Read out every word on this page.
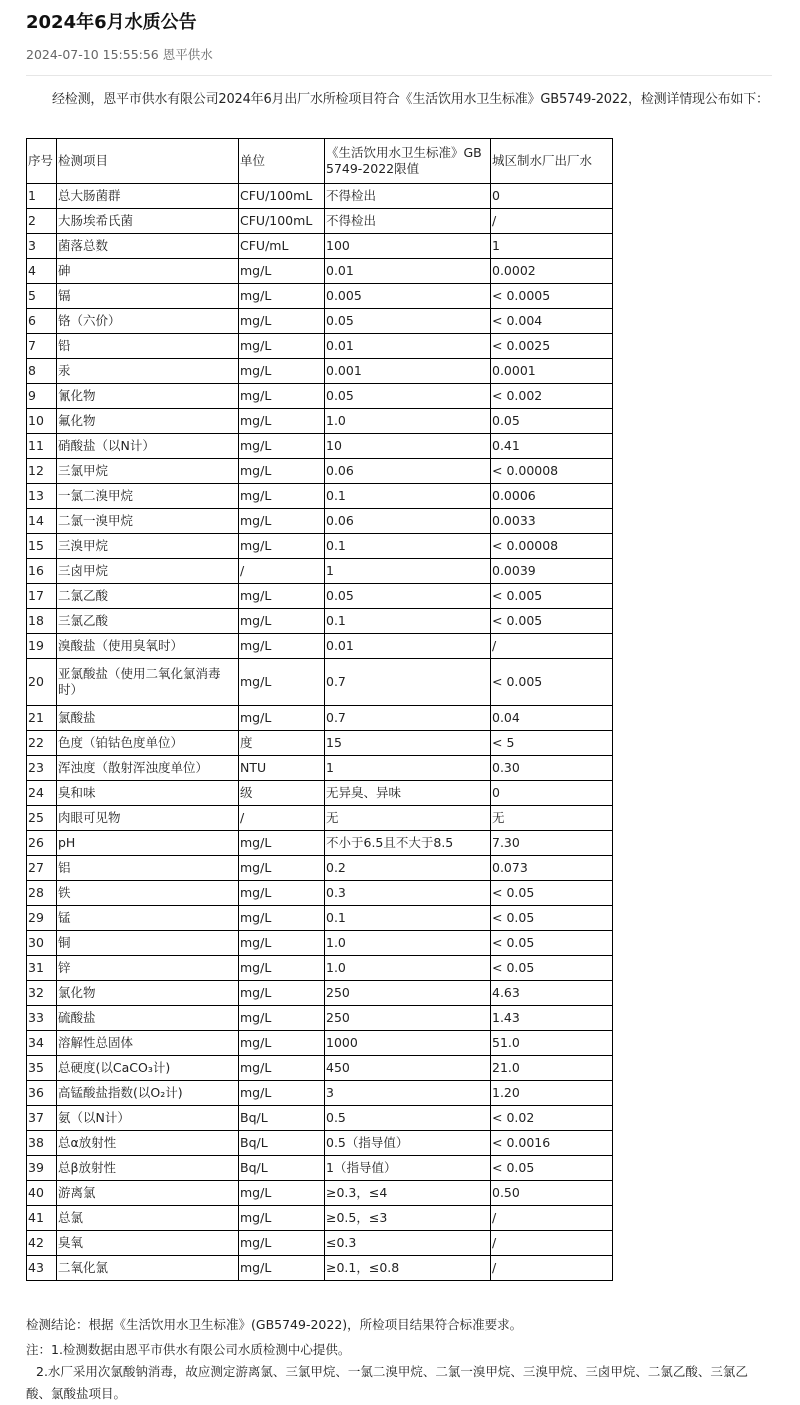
2024年6月水质公告
2024-07-10 15:55:56 恩平供水
经检测，恩平市供水有限公司2024年6月出厂水所检项目符合《生活饮用水卫生标准》GB5749-2022，检测详情现公布如下：
序号	检测项目	单位	《生活饮用水卫生标准》GB 5749-2022限值	城区制水厂出厂水
1	总大肠菌群	CFU/100mL	不得检出	0
2	大肠埃希氏菌	CFU/100mL	不得检出	/
3	菌落总数	CFU/mL	100	1
4	砷	mg/L	0.01	0.0002
5	镉	mg/L	0.005	< 0.0005
6	铬（六价）	mg/L	0.05	< 0.004
7	铅	mg/L	0.01	< 0.0025
8	汞	mg/L	0.001	0.0001
9	氰化物	mg/L	0.05	< 0.002
10	氟化物	mg/L	1.0	0.05
11	硝酸盐（以N计）	mg/L	10	0.41
12	三氯甲烷	mg/L	0.06	< 0.00008
13	一氯二溴甲烷	mg/L	0.1	0.0006
14	二氯一溴甲烷	mg/L	0.06	0.0033
15	三溴甲烷	mg/L	0.1	< 0.00008
16	三卤甲烷	/	1	0.0039
17	二氯乙酸	mg/L	0.05	< 0.005
18	三氯乙酸	mg/L	0.1	< 0.005
19	溴酸盐（使用臭氧时）	mg/L	0.01	/
20	亚氯酸盐（使用二氧化氯消毒时）	mg/L	0.7	< 0.005
21	氯酸盐	mg/L	0.7	0.04
22	色度（铂钴色度单位）	度	15	< 5
23	浑浊度（散射浑浊度单位）	NTU	1	0.30
24	臭和味	级	无异臭、异味	0
25	肉眼可见物	/	无	无
26	pH	mg/L	不小于6.5且不大于8.5	7.30
27	铝	mg/L	0.2	0.073
28	铁	mg/L	0.3	< 0.05
29	锰	mg/L	0.1	< 0.05
30	铜	mg/L	1.0	< 0.05
31	锌	mg/L	1.0	< 0.05
32	氯化物	mg/L	250	4.63
33	硫酸盐	mg/L	250	1.43
34	溶解性总固体	mg/L	1000	51.0
35	总硬度(以CaCO₃计)	mg/L	450	21.0
36	高锰酸盐指数(以O₂计)	mg/L	3	1.20
37	氨（以N计）	Bq/L	0.5	< 0.02
38	总α放射性	Bq/L	0.5（指导值）	< 0.0016
39	总β放射性	Bq/L	1（指导值）	< 0.05
40	游离氯	mg/L	≥0.3，≤4	0.50
41	总氯	mg/L	≥0.5，≤3	/
42	臭氧	mg/L	≤0.3	/
43	二氧化氯	mg/L	≥0.1，≤0.8	/
检测结论：根据《生活饮用水卫生标准》(GB5749-2022)，所检项目结果符合标准要求。

注：1.检测数据由恩平市供水有限公司水质检测中心提供。

2.水厂采用次氯酸钠消毒，故应测定游离氯、三氯甲烷、一氯二溴甲烷、二氯一溴甲烷、三溴甲烷、三卤甲烷、二氯乙酸、三氯乙酸、氯酸盐项目。
